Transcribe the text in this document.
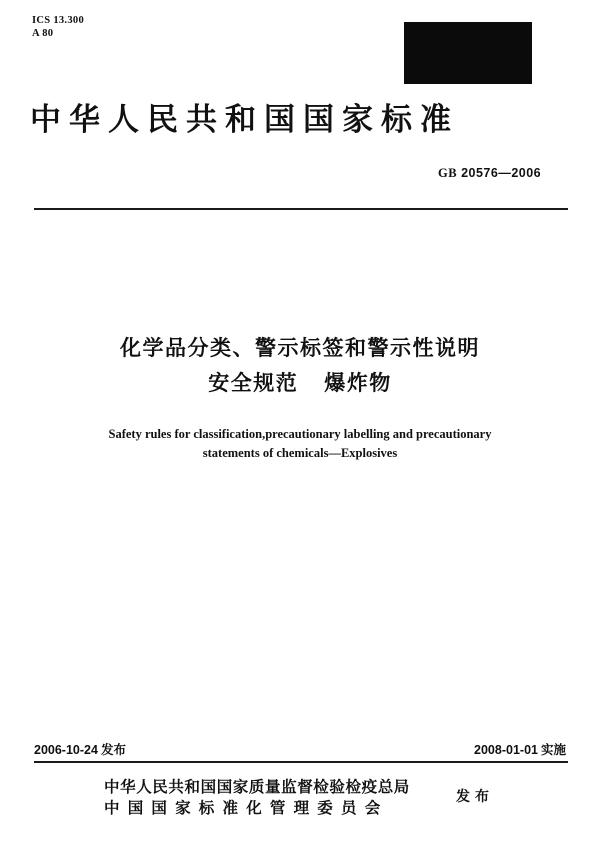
ICS 13.300
A 80
中华人民共和国国家标准
GB 20576—2006
化学品分类、警示标签和警示性说明
安全规范 爆炸物
Safety rules for classification,precautionary labelling and precautionary
statements of chemicals—Explosives
2006-10-24 发布	2008-01-01 实施
中华人民共和国国家质量监督检验检疫总局
中国国家标准化管理委员会
发布
